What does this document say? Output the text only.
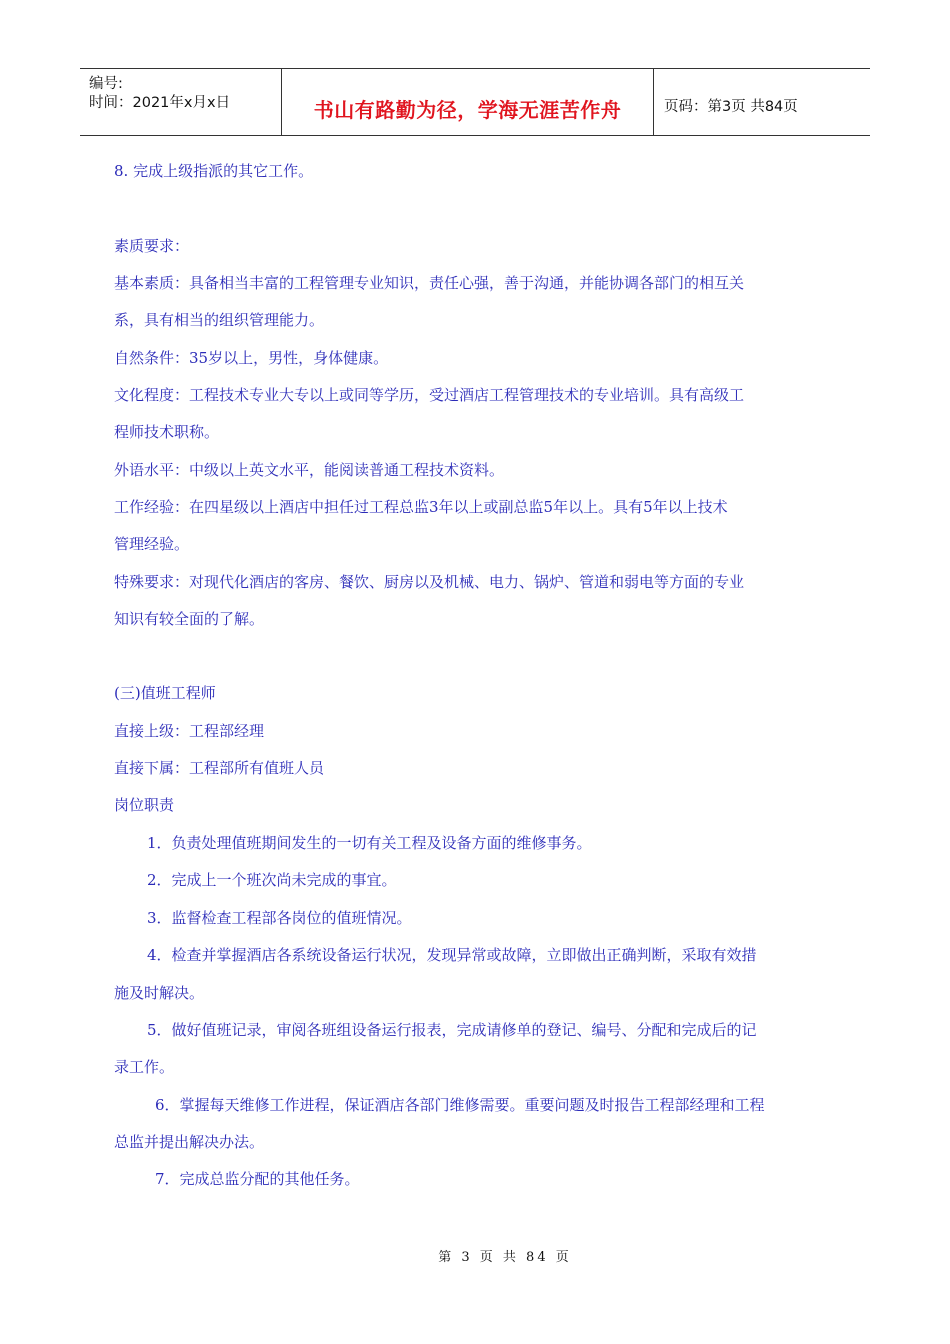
编号:
时间：2021年x月x日	书山有路勤为径，学海无涯苦作舟	页码：第3页 共84页
8. 完成上级指派的其它工作。
素质要求：
基本素质：具备相当丰富的工程管理专业知识，责任心强，善于沟通，并能协调各部门的相互关
系，具有相当的组织管理能力。
自然条件：35岁以上，男性，身体健康。
文化程度：工程技术专业大专以上或同等学历，受过酒店工程管理技术的专业培训。具有高级工
程师技术职称。
外语水平：中级以上英文水平，能阅读普通工程技术资料。
工作经验：在四星级以上酒店中担任过工程总监3年以上或副总监5年以上。具有5年以上技术
管理经验。
特殊要求：对现代化酒店的客房、餐饮、厨房以及机械、电力、锅炉、管道和弱电等方面的专业
知识有较全面的了解。
(三)值班工程师
直接上级：工程部经理
直接下属：工程部所有值班人员
岗位职责
1．负责处理值班期间发生的一切有关工程及设备方面的维修事务。
2．完成上一个班次尚未完成的事宜。
3．监督检查工程部各岗位的值班情况。
4．检查并掌握酒店各系统设备运行状况，发现异常或故障，立即做出正确判断，采取有效措
施及时解决。
5．做好值班记录，审阅各班组设备运行报表，完成请修单的登记、编号、分配和完成后的记
录工作。
6．掌握每天维修工作进程，保证酒店各部门维修需要。重要问题及时报告工程部经理和工程
总监并提出解决办法。
7．完成总监分配的其他任务。
第 3 页 共 84 页
